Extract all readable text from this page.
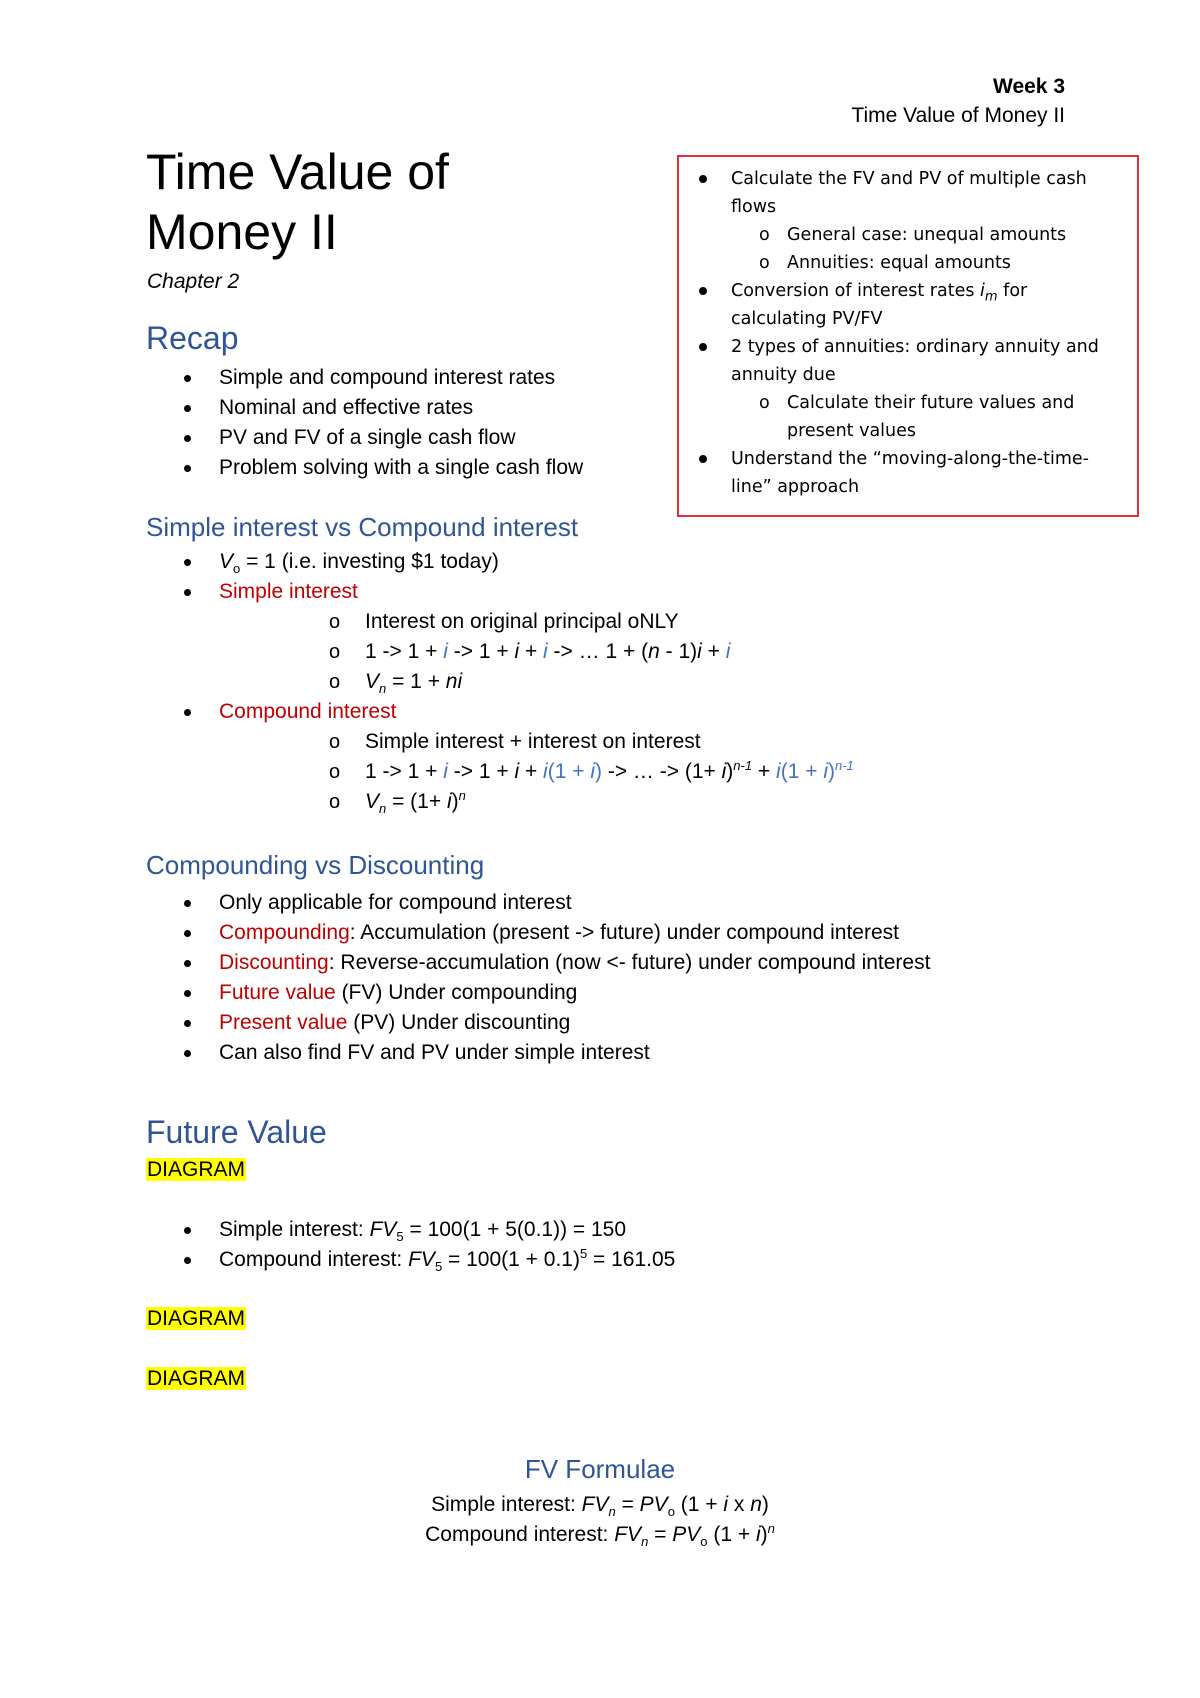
Week 3
Time Value of Money II
Time Value of
Money II
Chapter 2
Calculate the FV and PV of multiple cash flows
o General case: unequal amounts
o Annuities: equal amounts
Conversion of interest rates $i_m$ for calculating PV/FV
2 types of annuities: ordinary annuity and annuity due
o Calculate their future values and present values
Understand the “moving-along-the-time-line” approach
Recap
Simple and compound interest rates
Nominal and effective rates
PV and FV of a single cash flow
Problem solving with a single cash flow
Simple interest vs Compound interest
$V_o = 1$ (i.e. investing $1 today)
Simple interest
o Interest on original principal oNLY
o 1 -> 1 + i -> 1 + i + i -> … 1 + (n - 1)i + i
o $V_n = 1$ + ni
Compound interest
o Simple interest + interest on interest
o 1 -> 1 + i -> 1 + i + i(1 + i) -> … -> $(1+ i)^{n-1} + i(1 + i)^{n-1}$
o $V_n = (1+ i)^n$
Compounding vs Discounting
Only applicable for compound interest
Compounding: Accumulation (present -> future) under compound interest
Discounting: Reverse-accumulation (now <- future) under compound interest
Future value (FV) Under compounding
Present value (PV) Under discounting
Can also find FV and PV under simple interest
Future Value
DIAGRAM
Simple interest: $FV_5 = 100(1 + 5(0.1)) = 150$
Compound interest: $FV_5 = 100(1 + 0.1)^5 = 161.05$
DIAGRAM
DIAGRAM
FV Formulae
Simple interest: $FV_n = PV_o$ (1 + i x n)
Compound interest: $FV_n = PV_o$ $(1 + i)^n$
